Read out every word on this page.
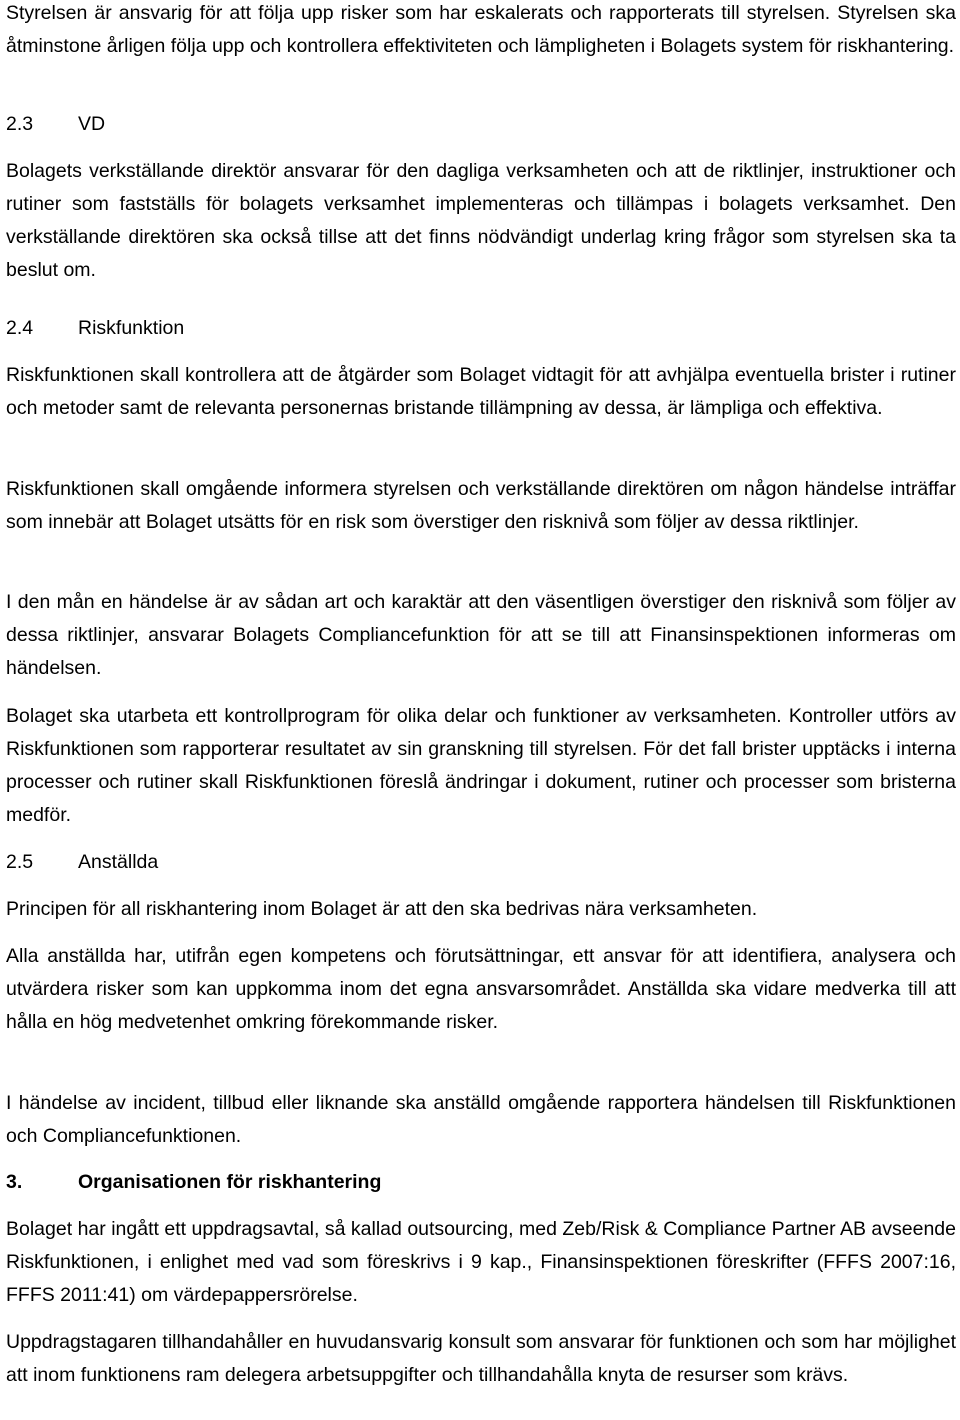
Styrelsen är ansvarig för att följa upp risker som har eskalerats och rapporterats till styrelsen. Styrelsen ska åtminstone årligen följa upp och kontrollera effektiviteten och lämpligheten i Bolagets system för riskhantering.

2.3 VD

Bolagets verkställande direktör ansvarar för den dagliga verksamheten och att de riktlinjer, instruktioner och rutiner som fastställs för bolagets verksamhet implementeras och tillämpas i bolagets verksamhet. Den verkställande direktören ska också tillse att det finns nödvändigt underlag kring frågor som styrelsen ska ta beslut om.

2.4 Riskfunktion

Riskfunktionen skall kontrollera att de åtgärder som Bolaget vidtagit för att avhjälpa eventuella brister i rutiner och metoder samt de relevanta personernas bristande tillämpning av dessa, är lämpliga och effektiva.

Riskfunktionen skall omgående informera styrelsen och verkställande direktören om någon händelse inträffar som innebär att Bolaget utsätts för en risk som överstiger den risknivå som följer av dessa riktlinjer.

I den mån en händelse är av sådan art och karaktär att den väsentligen överstiger den risknivå som följer av dessa riktlinjer, ansvarar Bolagets Compliancefunktion för att se till att Finansinspektionen informeras om händelsen.

Bolaget ska utarbeta ett kontrollprogram för olika delar och funktioner av verksamheten. Kontroller utförs av Riskfunktionen som rapporterar resultatet av sin granskning till styrelsen. För det fall brister upptäcks i interna processer och rutiner skall Riskfunktionen föreslå ändringar i dokument, rutiner och processer som bristerna medför.

2.5 Anställda

Principen för all riskhantering inom Bolaget är att den ska bedrivas nära verksamheten.

Alla anställda har, utifrån egen kompetens och förutsättningar, ett ansvar för att identifiera, analysera och utvärdera risker som kan uppkomma inom det egna ansvarsområdet. Anställda ska vidare medverka till att hålla en hög medvetenhet omkring förekommande risker.

I händelse av incident, tillbud eller liknande ska anställd omgående rapportera händelsen till Riskfunktionen och Compliancefunktionen.

3.	Organisationen för riskhantering

Bolaget har ingått ett uppdragsavtal, så kallad outsourcing, med Zeb/Risk & Compliance Partner AB avseende Riskfunktionen, i enlighet med vad som föreskrivs i 9 kap., Finansinspektionen föreskrifter (FFFS 2007:16, FFFS 2011:41) om värdepappersrörelse.

Uppdragstagaren tillhandahåller en huvudansvarig konsult som ansvarar för funktionen och som har möjlighet att inom funktionens ram delegera arbetsuppgifter och tillhandahålla knyta de resurser som krävs.
